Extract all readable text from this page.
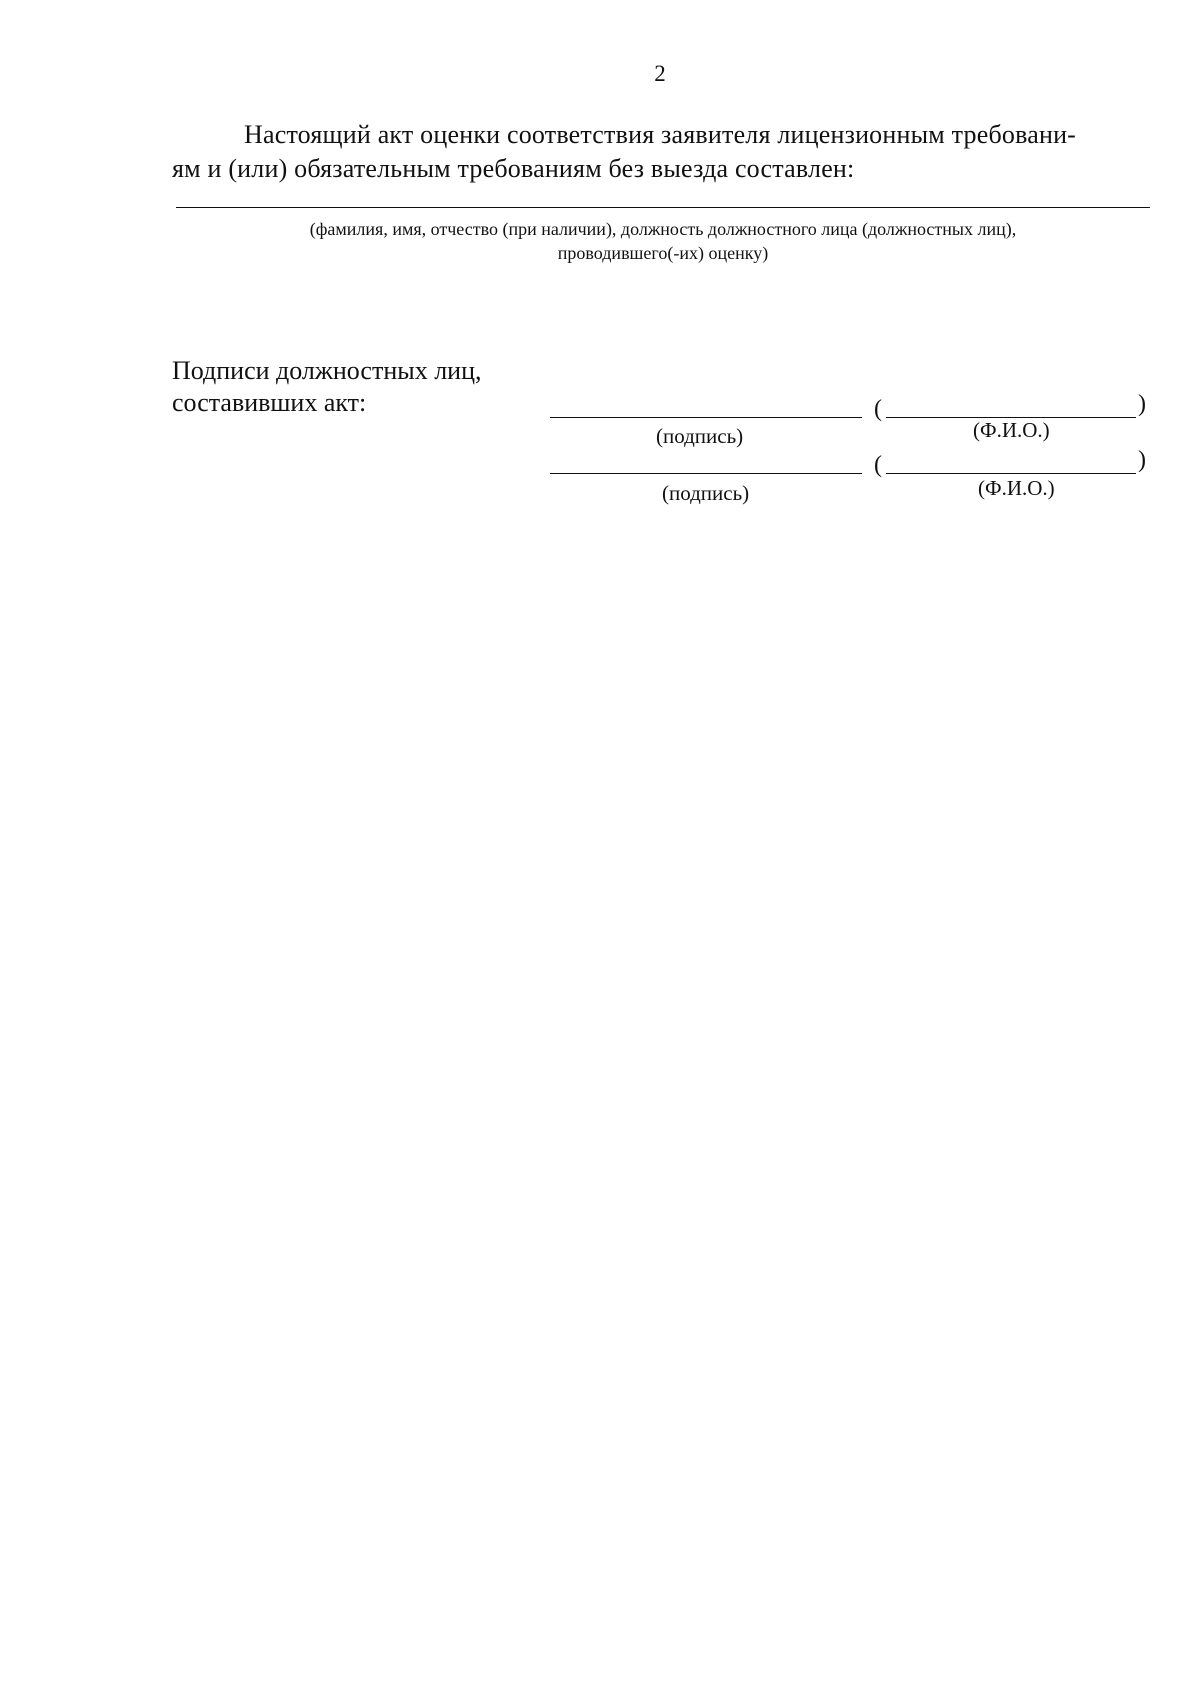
2
Настоящий акт оценки соответствия заявителя лицензионным требовани-
ям и (или) обязательным требованиям без выезда составлен:
(фамилия, имя, отчество (при наличии), должность должностного лица (должностных лиц),
проводившего(-их) оценку)
Подписи должностных лиц,
составивших акт:	(	)
(подпись)	(Ф.И.О.)
(	)
(подпись)	(Ф.И.О.)
